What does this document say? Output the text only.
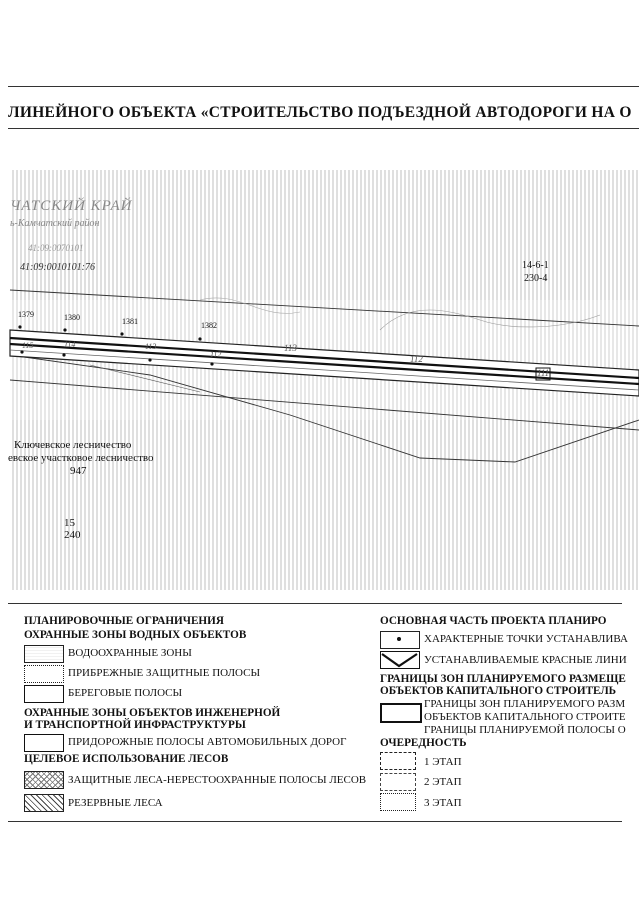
ЛИНЕЙНОГО ОБЪЕКТА «СТРОИТЕЛЬСТВО ПОДЪЕЗДНОЙ АВТОДОРОГИ НА О
ЧАТСКИЙ КРАЙ
ь-Камчатский район
41:09:0070101
41:09:0010101:76	14-6-1
230-4
1379	1380	1381	1382
115	114	113
112
113
112
111
Ключевское лесничество
евское участковое лесничество
947
15
240
ПЛАНИРОВОЧНЫЕ ОГРАНИЧЕНИЯ
ОХРАННЫЕ ЗОНЫ ВОДНЫХ ОБЪЕКТОВ
ВОДООХРАННЫЕ ЗОНЫ
ПРИБРЕЖНЫЕ ЗАЩИТНЫЕ ПОЛОСЫ
БЕРЕГОВЫЕ ПОЛОСЫ
ОХРАННЫЕ ЗОНЫ ОБЪЕКТОВ ИНЖЕНЕРНОЙ
И ТРАНСПОРТНОЙ ИНФРАСТРУКТУРЫ
ПРИДОРОЖНЫЕ ПОЛОСЫ АВТОМОБИЛЬНЫХ ДОРОГ
ЦЕЛЕВОЕ ИСПОЛЬЗОВАНИЕ ЛЕСОВ
ЗАЩИТНЫЕ ЛЕСА-НЕРЕСТООХРАННЫЕ ПОЛОСЫ ЛЕСОВ
РЕЗЕРВНЫЕ ЛЕСА
ОСНОВНАЯ ЧАСТЬ ПРОЕКТА ПЛАНИРО
ХАРАКТЕРНЫЕ ТОЧКИ УСТАНАВЛИВА
УСТАНАВЛИВАЕМЫЕ КРАСНЫЕ ЛИНИ
ГРАНИЦЫ ЗОН ПЛАНИРУЕМОГО РАЗМЕЩЕ
ОБЪЕКТОВ КАПИТАЛЬНОГО СТРОИТЕЛЬ
ГРАНИЦЫ ЗОН ПЛАНИРУЕМОГО РАЗМ
ОБЪЕКТОВ КАПИТАЛЬНОГО СТРОИТЕ
ГРАНИЦЫ ПЛАНИРУЕМОЙ ПОЛОСЫ О
ОЧЕРЕДНОСТЬ
1 ЭТАП
2 ЭТАП
3 ЭТАП
